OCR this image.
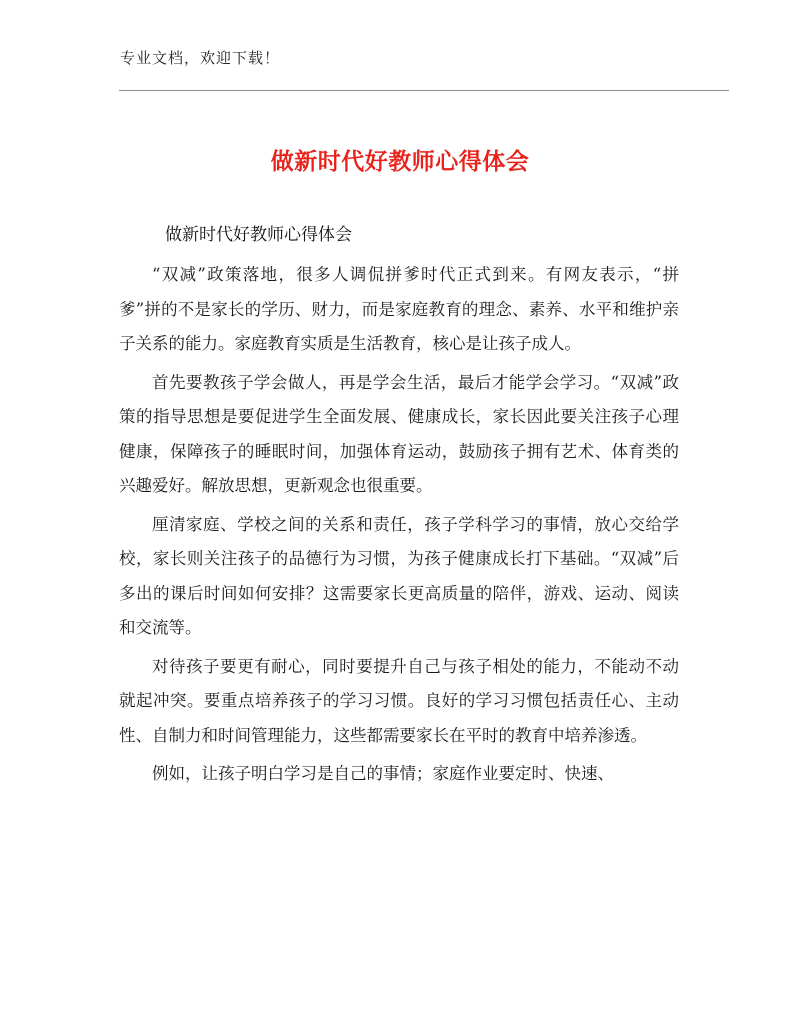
专业文档，欢迎下载！
做新时代好教师心得体会
做新时代好教师心得体会

“双减”政策落地，很多人调侃拼爹时代正式到来。有网友表示，“拼爹”拼的不是家长的学历、财力，而是家庭教育的理念、素养、水平和维护亲子关系的能力。家庭教育实质是生活教育，核心是让孩子成人。

首先要教孩子学会做人，再是学会生活，最后才能学会学习。“双减”政策的指导思想是要促进学生全面发展、健康成长，家长因此要关注孩子心理健康，保障孩子的睡眠时间，加强体育运动，鼓励孩子拥有艺术、体育类的兴趣爱好。解放思想，更新观念也很重要。

厘清家庭、学校之间的关系和责任，孩子学科学习的事情，放心交给学校，家长则关注孩子的品德行为习惯，为孩子健康成长打下基础。“双减”后多出的课后时间如何安排？这需要家长更高质量的陪伴，游戏、运动、阅读和交流等。

对待孩子要更有耐心，同时要提升自己与孩子相处的能力，不能动不动就起冲突。要重点培养孩子的学习习惯。良好的学习习惯包括责任心、主动性、自制力和时间管理能力，这些都需要家长在平时的教育中培养渗透。

例如，让孩子明白学习是自己的事情；家庭作业要定时、快速、
